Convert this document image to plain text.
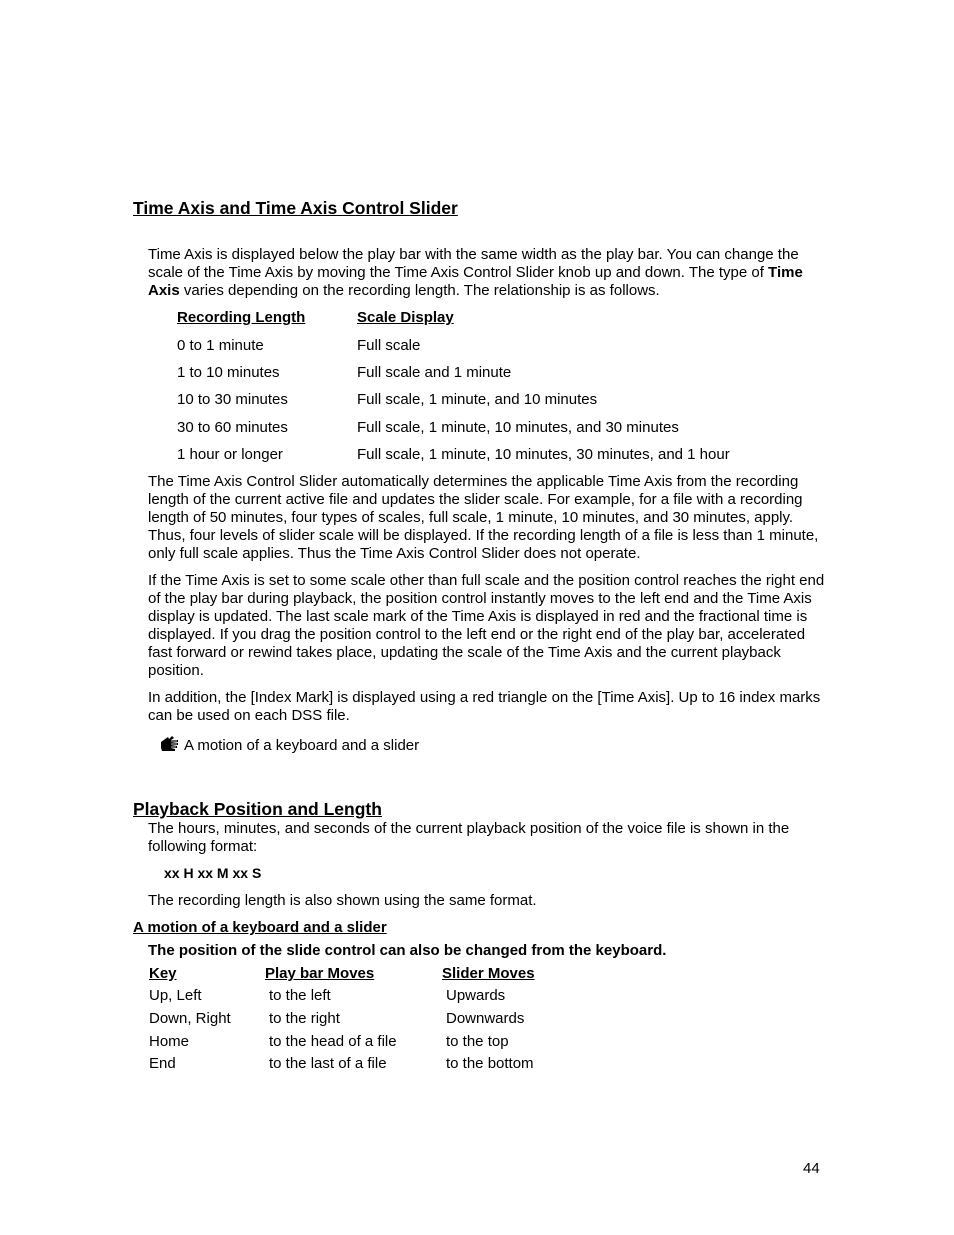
Time Axis and Time Axis Control Slider
Time Axis is displayed below the play bar with the same width as the play bar. You can change the scale of the Time Axis by moving the Time Axis Control Slider knob up and down. The type of Time Axis varies depending on the recording length. The relationship is as follows.
Recording Length	Scale Display
0 to 1 minute	Full scale
1 to 10 minutes	Full scale and 1 minute
10 to 30 minutes	Full scale, 1 minute, and 10 minutes
30 to 60 minutes	Full scale, 1 minute, 10 minutes, and 30 minutes
1 hour or longer	Full scale, 1 minute, 10 minutes, 30 minutes, and 1 hour
The Time Axis Control Slider automatically determines the applicable Time Axis from the recording length of the current active file and updates the slider scale. For example, for a file with a recording length of 50 minutes, four types of scales, full scale, 1 minute, 10 minutes, and 30 minutes, apply. Thus, four levels of slider scale will be displayed. If the recording length of a file is less than 1 minute, only full scale applies. Thus the Time Axis Control Slider does not operate.
If the Time Axis is set to some scale other than full scale and the position control reaches the right end of the play bar during playback, the position control instantly moves to the left end and the Time Axis display is updated. The last scale mark of the Time Axis is displayed in red and the fractional time is displayed. If you drag the position control to the left end or the right end of the play bar, accelerated fast forward or rewind takes place, updating the scale of the Time Axis and the current playback position.
In addition, the [Index Mark] is displayed using a red triangle on the [Time Axis]. Up to 16 index marks can be used on each DSS file.
A motion of a keyboard and a slider
Playback Position and Length
The hours, minutes, and seconds of the current playback position of the voice file is shown in the following format:
xx H xx M xx S
The recording length is also shown using the same format.
A motion of a keyboard and a slider
The position of the slide control can also be changed from the keyboard.
Key	Play bar Moves	Slider Moves
Up, Left	to the left	Upwards
Down, Right	to the right	Downwards
Home	to the head of a file	to the top
End	to the last of a file	to the bottom
44
